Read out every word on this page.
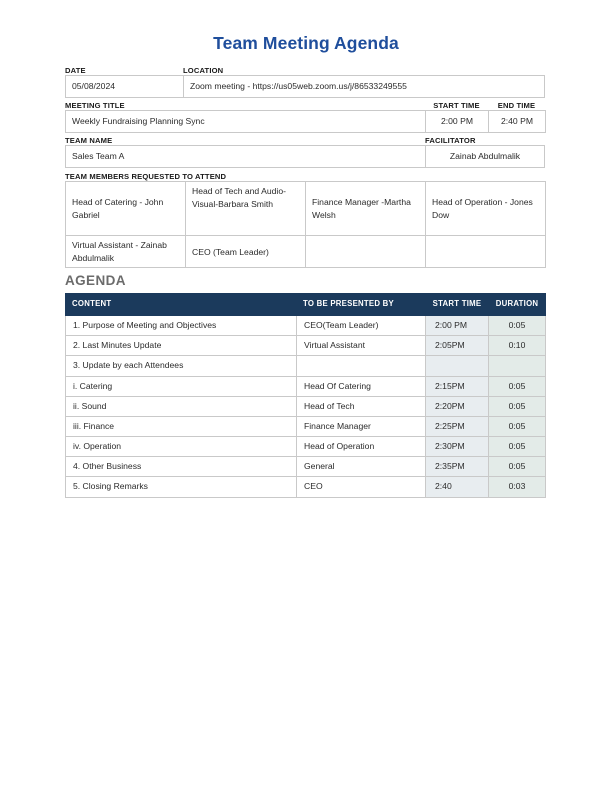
Team Meeting Agenda
DATE	LOCATION
05/08/2024	Zoom meeting - https://us05web.zoom.us/j/86533249555
MEETING TITLE	START TIME	END TIME
Weekly Fundraising Planning Sync	2:00 PM	2:40 PM
TEAM NAME	FACILITATOR
Sales Team A	Zainab Abdulmalik
TEAM MEMBERS REQUESTED TO ATTEND
Head of Catering - John Gabriel	Head of Tech and Audio-Visual-Barbara Smith	Finance Manager -Martha Welsh	Head of Operation - Jones Dow
Virtual Assistant - Zainab Abdulmalik	CEO (Team Leader)		
AGENDA
CONTENT	TO BE PRESENTED BY	START TIME	DURATION
1. Purpose of Meeting and Objectives	CEO(Team Leader)	2:00 PM	0:05
2. Last Minutes Update	Virtual Assistant	2:05PM	0:10
3. Update by each Attendees			
i. Catering	Head Of Catering	2:15PM	0:05
ii. Sound	Head of Tech	2:20PM	0:05
iii. Finance	Finance Manager	2:25PM	0:05
iv. Operation	Head of Operation	2:30PM	0:05
4. Other Business	General	2:35PM	0:05
5. Closing Remarks	CEO	2:40	0:03
